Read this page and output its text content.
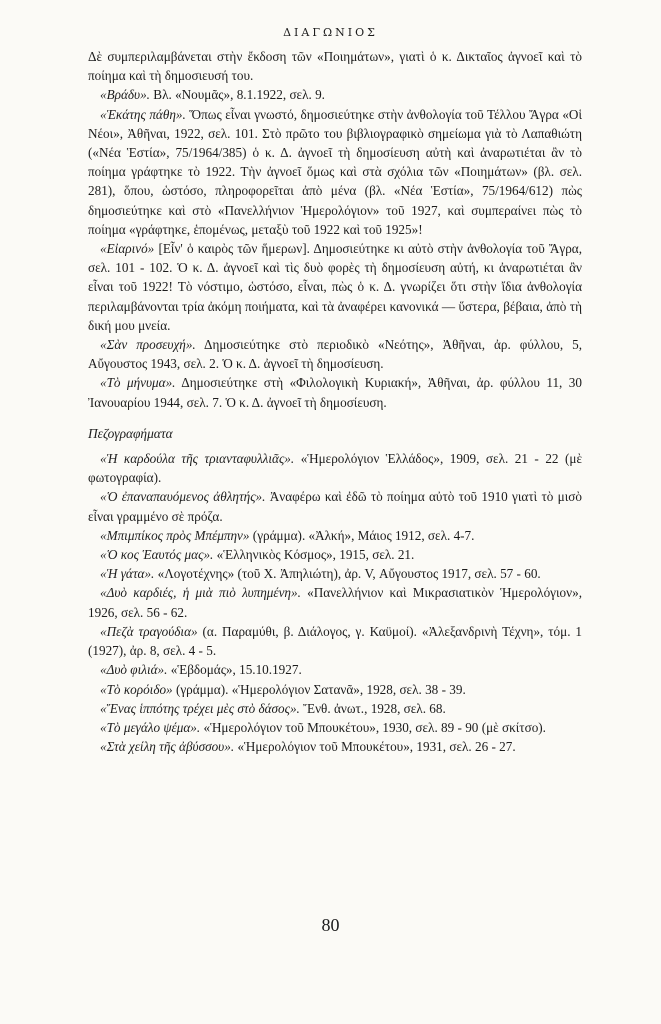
ΔΙΑΓΩΝΙΟΣ

Δὲ συμπεριλαμβάνεται στὴν ἔκδοση τῶν «Ποιημάτων», γιατὶ ὁ κ. Δικταῖος ἀγνοεῖ καὶ τὸ ποίημα καὶ τὴ δημοσιευσή του.

«Βράδυ». Βλ. «Νουμᾶς», 8.1.1922, σελ. 9.

«Ἑκάτης πάθη». Ὅπως εἶναι γνωστό, δημοσιεύτηκε στὴν ἀνθολογία τοῦ Τέλλου Ἄγρα «Οἱ Νέοι», Ἀθῆναι, 1922, σελ. 101. Στὸ πρῶτο του βιβλιογραφικὸ σημείωμα γιὰ τὸ Λαπαθιώτη («Νέα Ἑστία», 75/1964/385) ὁ κ. Δ. ἀγνοεῖ τὴ δημοσίευση αὐτὴ καὶ ἀναρωτιέται ἂν τὸ ποίημα γράφτηκε τὸ 1922. Τὴν ἀγνοεῖ ὅμως καὶ στὰ σχόλια τῶν «Ποιημάτων» (βλ. σελ. 281), ὅπου, ὡστόσο, πληροφορεῖται ἀπὸ μένα (βλ. «Νέα Ἑστία», 75/1964/612) πὼς δημοσιεύτηκε καὶ στὸ «Πανελλήνιον Ἡμερολόγιον» τοῦ 1927, καὶ συμπεραίνει πὼς τὸ ποίημα «γράφτηκε, ἑπομένως, μεταξὺ τοῦ 1922 καὶ τοῦ 1925»!

«Εἰαρινό» [Εἶν' ὁ καιρὸς τῶν ἥμερων]. Δημοσιεύτηκε κι αὐτὸ στὴν ἀνθολογία τοῦ Ἄγρα, σελ. 101 - 102. Ὁ κ. Δ. ἀγνοεῖ καὶ τὶς δυὸ φορὲς τὴ δημοσίευση αὐτή, κι ἀναρωτιέται ἂν εἶναι τοῦ 1922! Τὸ νόστιμο, ὡστόσο, εἶναι, πὼς ὁ κ. Δ. γνωρίζει ὅτι στὴν ἴδια ἀνθολογία περιλαμβάνονται τρία ἀκόμη ποιήματα, καὶ τὰ ἀναφέρει κανονικά — ὕστερα, βέβαια, ἀπὸ τὴ δική μου μνεία.

«Σὰν προσευχή». Δημοσιεύτηκε στὸ περιοδικὸ «Νεότης», Ἀθῆναι, ἀρ. φύλλου, 5, Αὔγουστος 1943, σελ. 2. Ὁ κ. Δ. ἀγνοεῖ τὴ δημοσίευση.

«Τὸ μήνυμα». Δημοσιεύτηκε στὴ «Φιλολογικὴ Κυριακή», Ἀθῆναι, ἀρ. φύλλου 11, 30 Ἰανουαρίου 1944, σελ. 7. Ὁ κ. Δ. ἀγνοεῖ τὴ δημοσίευση.

Πεζογραφήματα

«Ἡ καρδούλα τῆς τριανταφυλλιᾶς». «Ἡμερολόγιον Ἑλλάδος», 1909, σελ. 21 - 22 (μὲ φωτογραφία).

«Ὁ ἐπαναπαυόμενος ἀθλητής». Ἀναφέρω καὶ ἐδῶ τὸ ποίημα αὐτὸ τοῦ 1910 γιατὶ τὸ μισὸ εἶναι γραμμένο σὲ πρόζα.

«Μπιμπίκος πρὸς Μπέμπην» (γράμμα). «Ἀλκή», Μάιος 1912, σελ. 4-7.

«Ὁ κος Ἑαυτός μας». «Ἑλληνικὸς Κόσμος», 1915, σελ. 21.

«Ἡ γάτα». «Λογοτέχνης» (τοῦ Χ. Ἀπηλιώτη), ἀρ. V, Αὔγουστος 1917, σελ. 57 - 60.

«Δυὸ καρδιές, ἡ μιὰ πιὸ λυπημένη». «Πανελλήνιον καὶ Μικρασιατικὸν Ἡμερολόγιον», 1926, σελ. 56 - 62.

«Πεζὰ τραγούδια» (α. Παραμύθι, β. Διάλογος, γ. Καϋμοί). «Ἀλεξανδρινὴ Τέχνη», τόμ. 1 (1927), ἀρ. 8, σελ. 4 - 5.

«Δυὸ φιλιά». «Ἑβδομάς», 15.10.1927.

«Τὸ κορόιδο» (γράμμα). «Ἡμερολόγιον Σατανᾶ», 1928, σελ. 38 - 39.

«Ἕνας ἱππότης τρέχει μὲς στὸ δάσος». Ἔνθ. ἀνωτ., 1928, σελ. 68.

«Τὸ μεγάλο ψέμα». «Ἡμερολόγιον τοῦ Μπουκέτου», 1930, σελ. 89 - 90 (μὲ σκίτσο).

«Στὰ χείλη τῆς ἀβύσσου». «Ἡμερολόγιον τοῦ Μπουκέτου», 1931, σελ. 26 - 27.

80
